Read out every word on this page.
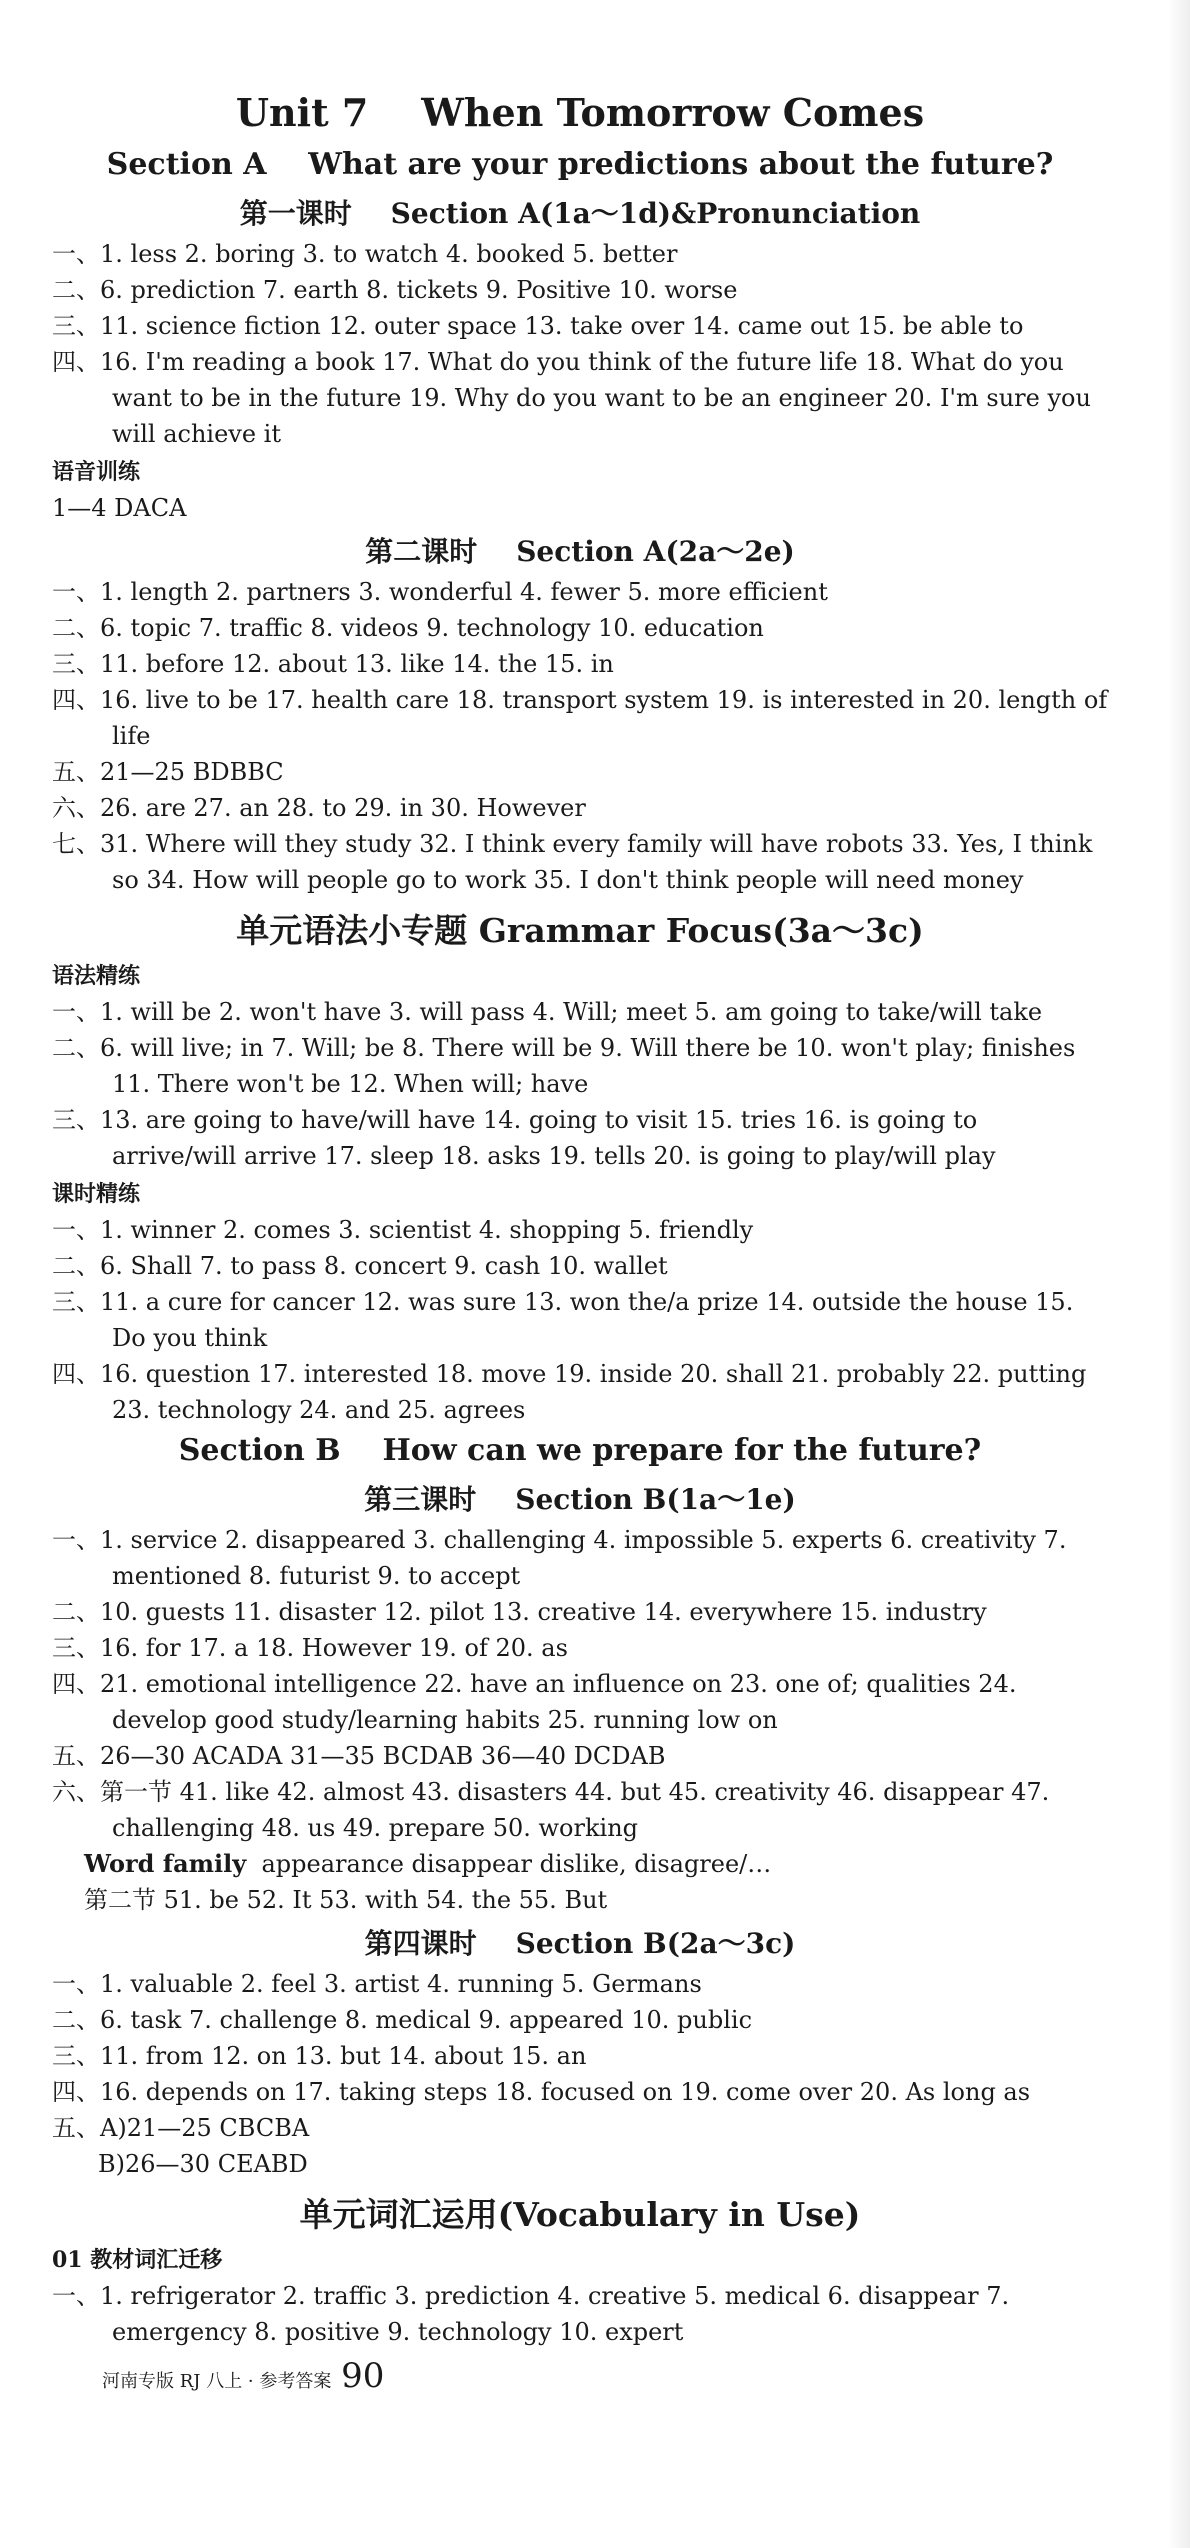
Unit 7    When Tomorrow Comes
Section A    What are your predictions about the future?
第一课时    Section A(1a～1d)&Pronunciation

一、1. less 2. boring 3. to watch 4. booked 5. better

二、6. prediction 7. earth 8. tickets 9. Positive 10. worse

三、11. science fiction 12. outer space 13. take over 14. came out 15. be able to

四、16. I'm reading a book 17. What do you think of the future life 18. What do you want to be in the future 19. Why do you want to be an engineer 20. I'm sure you will achieve it

语音训练

1—4 DACA

第二课时    Section A(2a～2e)

一、1. length 2. partners 3. wonderful 4. fewer 5. more efficient

二、6. topic 7. traffic 8. videos 9. technology 10. education

三、11. before 12. about 13. like 14. the 15. in

四、16. live to be 17. health care 18. transport system 19. is interested in 20. length of life

五、21—25 BDBBC

六、26. are 27. an 28. to 29. in 30. However

七、31. Where will they study 32. I think every family will have robots 33. Yes, I think so 34. How will people go to work 35. I don't think people will need money

单元语法小专题 Grammar Focus(3a～3c)

语法精练

一、1. will be 2. won't have 3. will pass 4. Will; meet 5. am going to take/will take

二、6. will live; in 7. Will; be 8. There will be 9. Will there be 10. won't play; finishes 11. There won't be 12. When will; have

三、13. are going to have/will have 14. going to visit 15. tries 16. is going to arrive/will arrive 17. sleep 18. asks 19. tells 20. is going to play/will play

课时精练

一、1. winner 2. comes 3. scientist 4. shopping 5. friendly

二、6. Shall 7. to pass 8. concert 9. cash 10. wallet

三、11. a cure for cancer 12. was sure 13. won the/a prize 14. outside the house 15. Do you think

四、16. question 17. interested 18. move 19. inside 20. shall 21. probably 22. putting 23. technology 24. and 25. agrees

Section B    How can we prepare for the future?
第三课时    Section B(1a～1e)

一、1. service 2. disappeared 3. challenging 4. impossible 5. experts 6. creativity 7. mentioned 8. futurist 9. to accept

二、10. guests 11. disaster 12. pilot 13. creative 14. everywhere 15. industry

三、16. for 17. a 18. However 19. of 20. as

四、21. emotional intelligence 22. have an influence on 23. one of; qualities 24. develop good study/learning habits 25. running low on

五、26—30 ACADA 31—35 BCDAB 36—40 DCDAB

六、第一节 41. like 42. almost 43. disasters 44. but 45. creativity 46. disappear 47. challenging 48. us 49. prepare 50. working

Word family appearance disappear dislike, disagree/…

第二节 51. be 52. It 53. with 54. the 55. But

第四课时    Section B(2a～3c)

一、1. valuable 2. feel 3. artist 4. running 5. Germans

二、6. task 7. challenge 8. medical 9. appeared 10. public

三、11. from 12. on 13. but 14. about 15. an

四、16. depends on 17. taking steps 18. focused on 19. come over 20. As long as

五、A)21—25 CBCBA

B)26—30 CEABD

单元词汇运用(Vocabulary in Use)

01 教材词汇迁移

一、1. refrigerator 2. traffic 3. prediction 4. creative 5. medical 6. disappear 7. emergency 8. positive 9. technology 10. expert

河南专版 RJ 八上 · 参考答案 90
